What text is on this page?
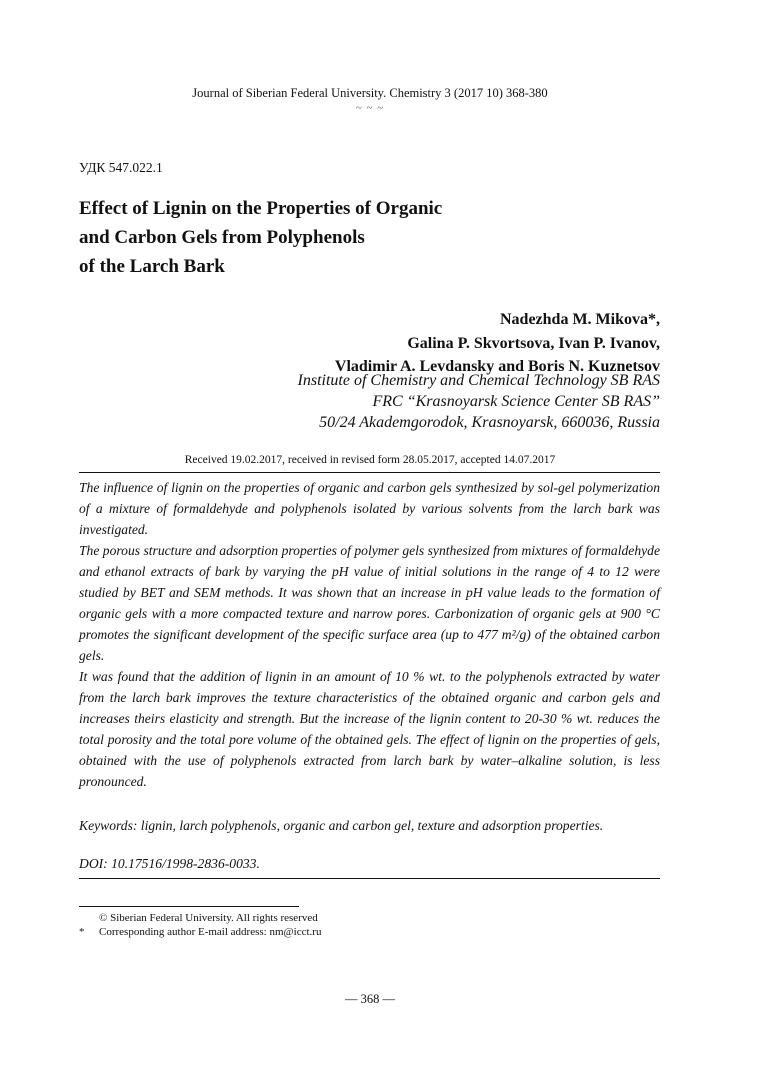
Journal of Siberian Federal University. Chemistry 3 (2017 10) 368-380
~ ~ ~
УДК 547.022.1
Effect of Lignin on the Properties of Organic
and Carbon Gels from Polyphenols
of the Larch Bark
Nadezhda M. Mikova*,
Galina P. Skvortsova, Ivan P. Ivanov,
Vladimir A. Levdansky and Boris N. Kuznetsov
Institute of Chemistry and Chemical Technology SB RAS
FRC “Krasnoyarsk Science Center SB RAS”
50/24 Akademgorodok, Krasnoyarsk, 660036, Russia
Received 19.02.2017, received in revised form 28.05.2017, accepted 14.07.2017

The influence of lignin on the properties of organic and carbon gels synthesized by sol-gel polymerization of a mixture of formaldehyde and polyphenols isolated by various solvents from the larch bark was investigated.

The porous structure and adsorption properties of polymer gels synthesized from mixtures of formaldehyde and ethanol extracts of bark by varying the pH value of initial solutions in the range of 4 to 12 were studied by BET and SEM methods. It was shown that an increase in pH value leads to the formation of organic gels with a more compacted texture and narrow pores. Carbonization of organic gels at 900 °C promotes the significant development of the specific surface area (up to 477 m²/g) of the obtained carbon gels.

It was found that the addition of lignin in an amount of 10 % wt. to the polyphenols extracted by water from the larch bark improves the texture characteristics of the obtained organic and carbon gels and increases theirs elasticity and strength. But the increase of the lignin content to 20-30 % wt. reduces the total porosity and the total pore volume of the obtained gels. The effect of lignin on the properties of gels, obtained with the use of polyphenols extracted from larch bark by water–alkaline solution, is less pronounced.

Keywords: lignin, larch polyphenols, organic and carbon gel, texture and adsorption properties.
DOI: 10.17516/1998-2836-0033.
© Siberian Federal University. All rights reserved
*	Corresponding author E-mail address: nm@icct.ru
— 368 —
